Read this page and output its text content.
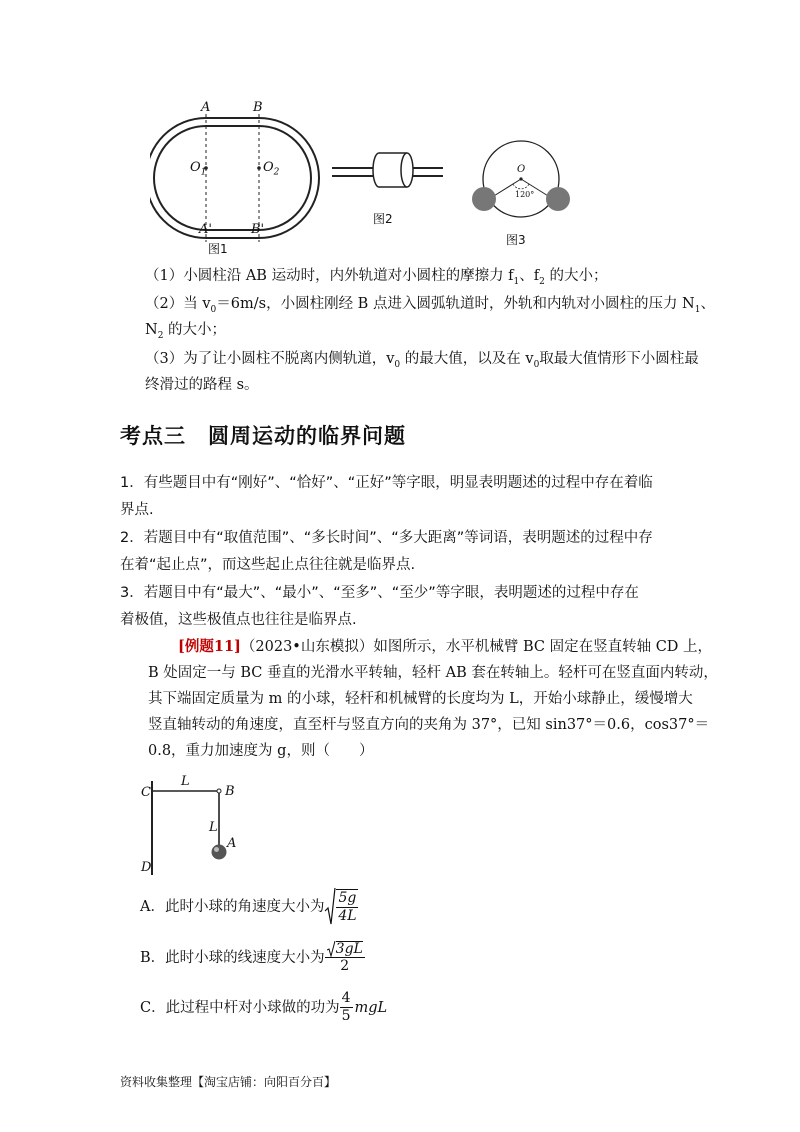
A	B
$O_1$	$O_2$
A'	B'
图1
图2
O
120°
图3
（1）小圆柱沿 AB 运动时，内外轨道对小圆柱的摩擦力 $f_1$、$f_2$ 的大小；
（2）当 $v_0=6m/s$，小圆柱刚经 B 点进入圆弧轨道时，外轨和内轨对小圆柱的压力 $N_1$、
$N_2$ 的大小；
（3）为了让小圆柱不脱离内侧轨道，$v_0$ 的最大值，以及在 $v_0$取最大值情形下小圆柱最
终滑过的路程 s。
考点三　圆周运动的临界问题
1．有些题目中有“刚好”、“恰好”、“正好”等字眼，明显表明题述的过程中存在着临
界点.
2．若题目中有“取值范围”、“多长时间”、“多大距离”等词语，表明题述的过程中存
在着“起止点”，而这些起止点往往就是临界点.
3．若题目中有“最大”、“最小”、“至多”、“至少”等字眼，表明题述的过程中存在
着极值，这些极值点也往往是临界点.
[例题11]（2023•山东模拟）如图所示，水平机械臂 BC 固定在竖直转轴 CD 上，
B 处固定一与 BC 垂直的光滑水平转轴，轻杆 AB 套在转轴上。轻杆可在竖直面内转动，
其下端固定质量为 m 的小球，轻杆和机械臂的长度均为 L，开始小球静止，缓慢增大
竖直轴转动的角速度，直至杆与竖直方向的夹角为 37°，已知 sin37°＝0.6，cos37°＝
0.8，重力加速度为 g，则（　　）
C
L
B
L
A
D
A．此时小球的角速度大小为 $\frac{5g}{4L}$
B．此时小球的线速度大小为 $\frac{3gL}{2}$
C．此过程中杆对小球做的功为 $\frac{4}{5}$ mgL
资料收集整理【淘宝店铺：向阳百分百】
